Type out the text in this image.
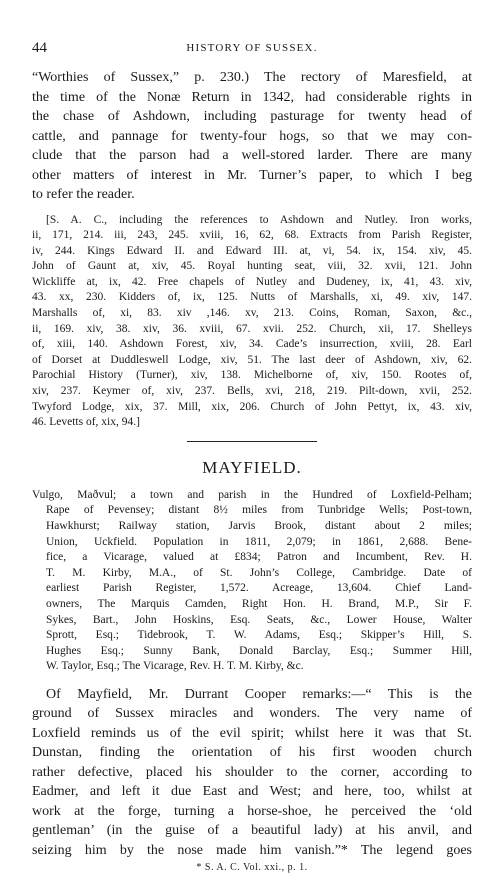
44	HISTORY OF SUSSEX.
“Worthies of Sussex,” p. 230.) The rectory of Maresfield, at
the time of the Nonæ Return in 1342, had considerable rights in
the chase of Ashdown, including pasturage for twenty head of
cattle, and pannage for twenty-four hogs, so that we may con-
clude that the parson had a well-stored larder. There are many
other matters of interest in Mr. Turner’s paper, to which I beg
to refer the reader.
[S. A. C., including the references to Ashdown and Nutley. Iron works,
ii, 171, 214. iii, 243, 245. xviii, 16, 62, 68. Extracts from Parish Register,
iv, 244. Kings Edward II. and Edward III. at, vi, 54. ix, 154. xiv, 45.
John of Gaunt at, xiv, 45. Royal hunting seat, viii, 32. xvii, 121. John
Wickliffe at, ix, 42. Free chapels of Nutley and Dudeney, ix, 41, 43. xiv,
43. xx, 230. Kidders of, ix, 125. Nutts of Marshalls, xi, 49. xiv, 147.
Marshalls of, xi, 83. xiv ,146. xv, 213. Coins, Roman, Saxon, &c.,
ii, 169. xiv, 38. xiv, 36. xviii, 67. xvii. 252. Church, xii, 17. Shelleys
of, xiii, 140. Ashdown Forest, xiv, 34. Cade’s insurrection, xviii, 28. Earl
of Dorset at Duddleswell Lodge, xiv, 51. The last deer of Ashdown, xiv, 62.
Parochial History (Turner), xiv, 138. Michelborne of, xiv, 150. Rootes of,
xiv, 237. Keymer of, xiv, 237. Bells, xvi, 218, 219. Pilt-down, xvii, 252.
Twyford Lodge, xix, 37. Mill, xix, 206. Church of John Pettyt, ix, 43. xiv,
46. Levetts of, xix, 94.]
MAYFIELD.
Vulgo, Maðvul; a town and parish in the Hundred of Loxfield-Pelham;
Rape of Pevensey; distant 8½ miles from Tunbridge Wells; Post-town,
Hawkhurst; Railway station, Jarvis Brook, distant about 2 miles;
Union, Uckfield. Population in 1811, 2,079; in 1861, 2,688. Bene-
fice, a Vicarage, valued at £834; Patron and Incumbent, Rev. H.
T. M. Kirby, M.A., of St. John’s College, Cambridge. Date of
earliest Parish Register, 1,572. Acreage, 13,604. Chief Land-
owners, The Marquis Camden, Right Hon. H. Brand, M.P., Sir F.
Sykes, Bart., John Hoskins, Esq. Seats, &c., Lower House, Walter
Sprott, Esq.; Tidebrook, T. W. Adams, Esq.; Skipper’s Hill, S.
Hughes Esq.; Sunny Bank, Donald Barclay, Esq.; Summer Hill,
W. Taylor, Esq.; The Vicarage, Rev. H. T. M. Kirby, &c.
Of Mayfield, Mr. Durrant Cooper remarks:—“ This is the
ground of Sussex miracles and wonders. The very name of
Loxfield reminds us of the evil spirit; whilst here it was that St.
Dunstan, finding the orientation of his first wooden church
rather defective, placed his shoulder to the corner, according to
Eadmer, and left it due East and West; and here, too, whilst at
work at the forge, turning a horse-shoe, he perceived the ‘old
gentleman’ (in the guise of a beautiful lady) at his anvil, and
seizing him by the nose made him vanish.”* The legend goes
* S. A. C. Vol. xxi., p. 1.
